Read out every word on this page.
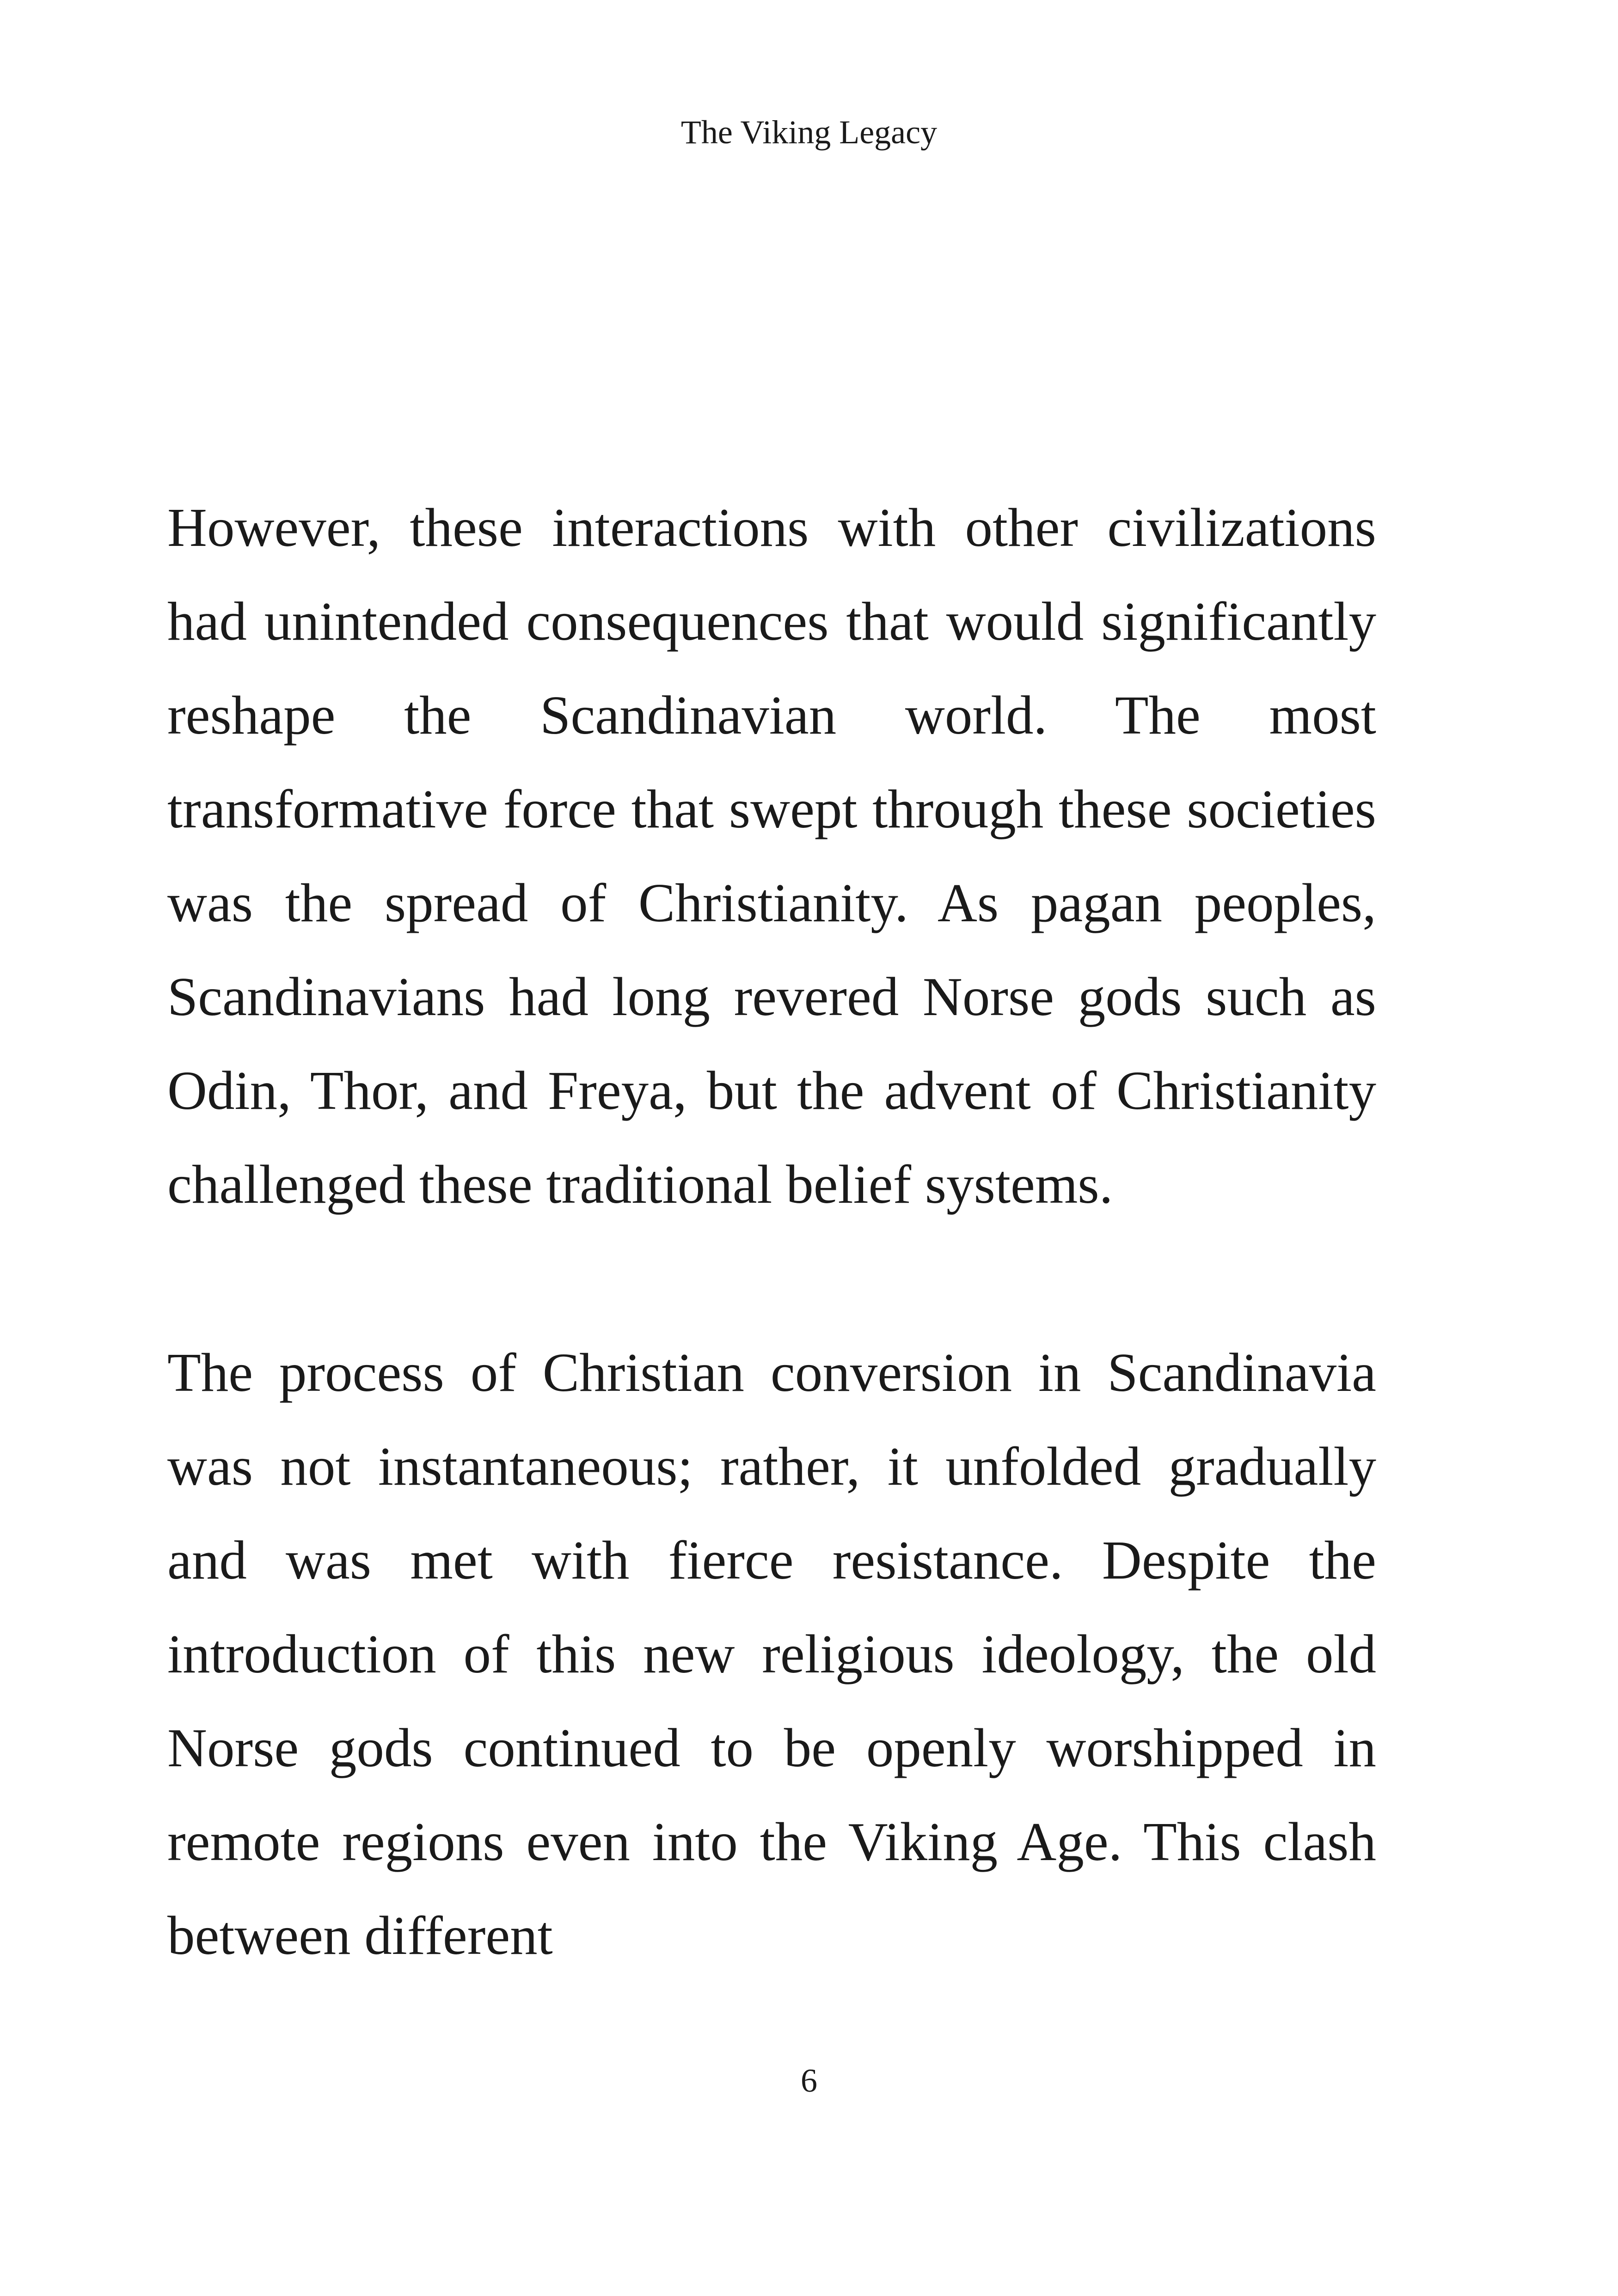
The Viking Legacy

However, these interactions with other civilizations had unintended consequences that would significantly reshape the Scandinavian world. The most transformative force that swept through these societies was the spread of Christianity. As pagan peoples, Scandinavians had long revered Norse gods such as Odin, Thor, and Freya, but the advent of Christianity challenged these traditional belief systems.

The process of Christian conversion in Scandinavia was not instantaneous; rather, it unfolded gradually and was met with fierce resistance. Despite the introduction of this new religious ideology, the old Norse gods continued to be openly worshipped in remote regions even into the Viking Age. This clash between different

6
